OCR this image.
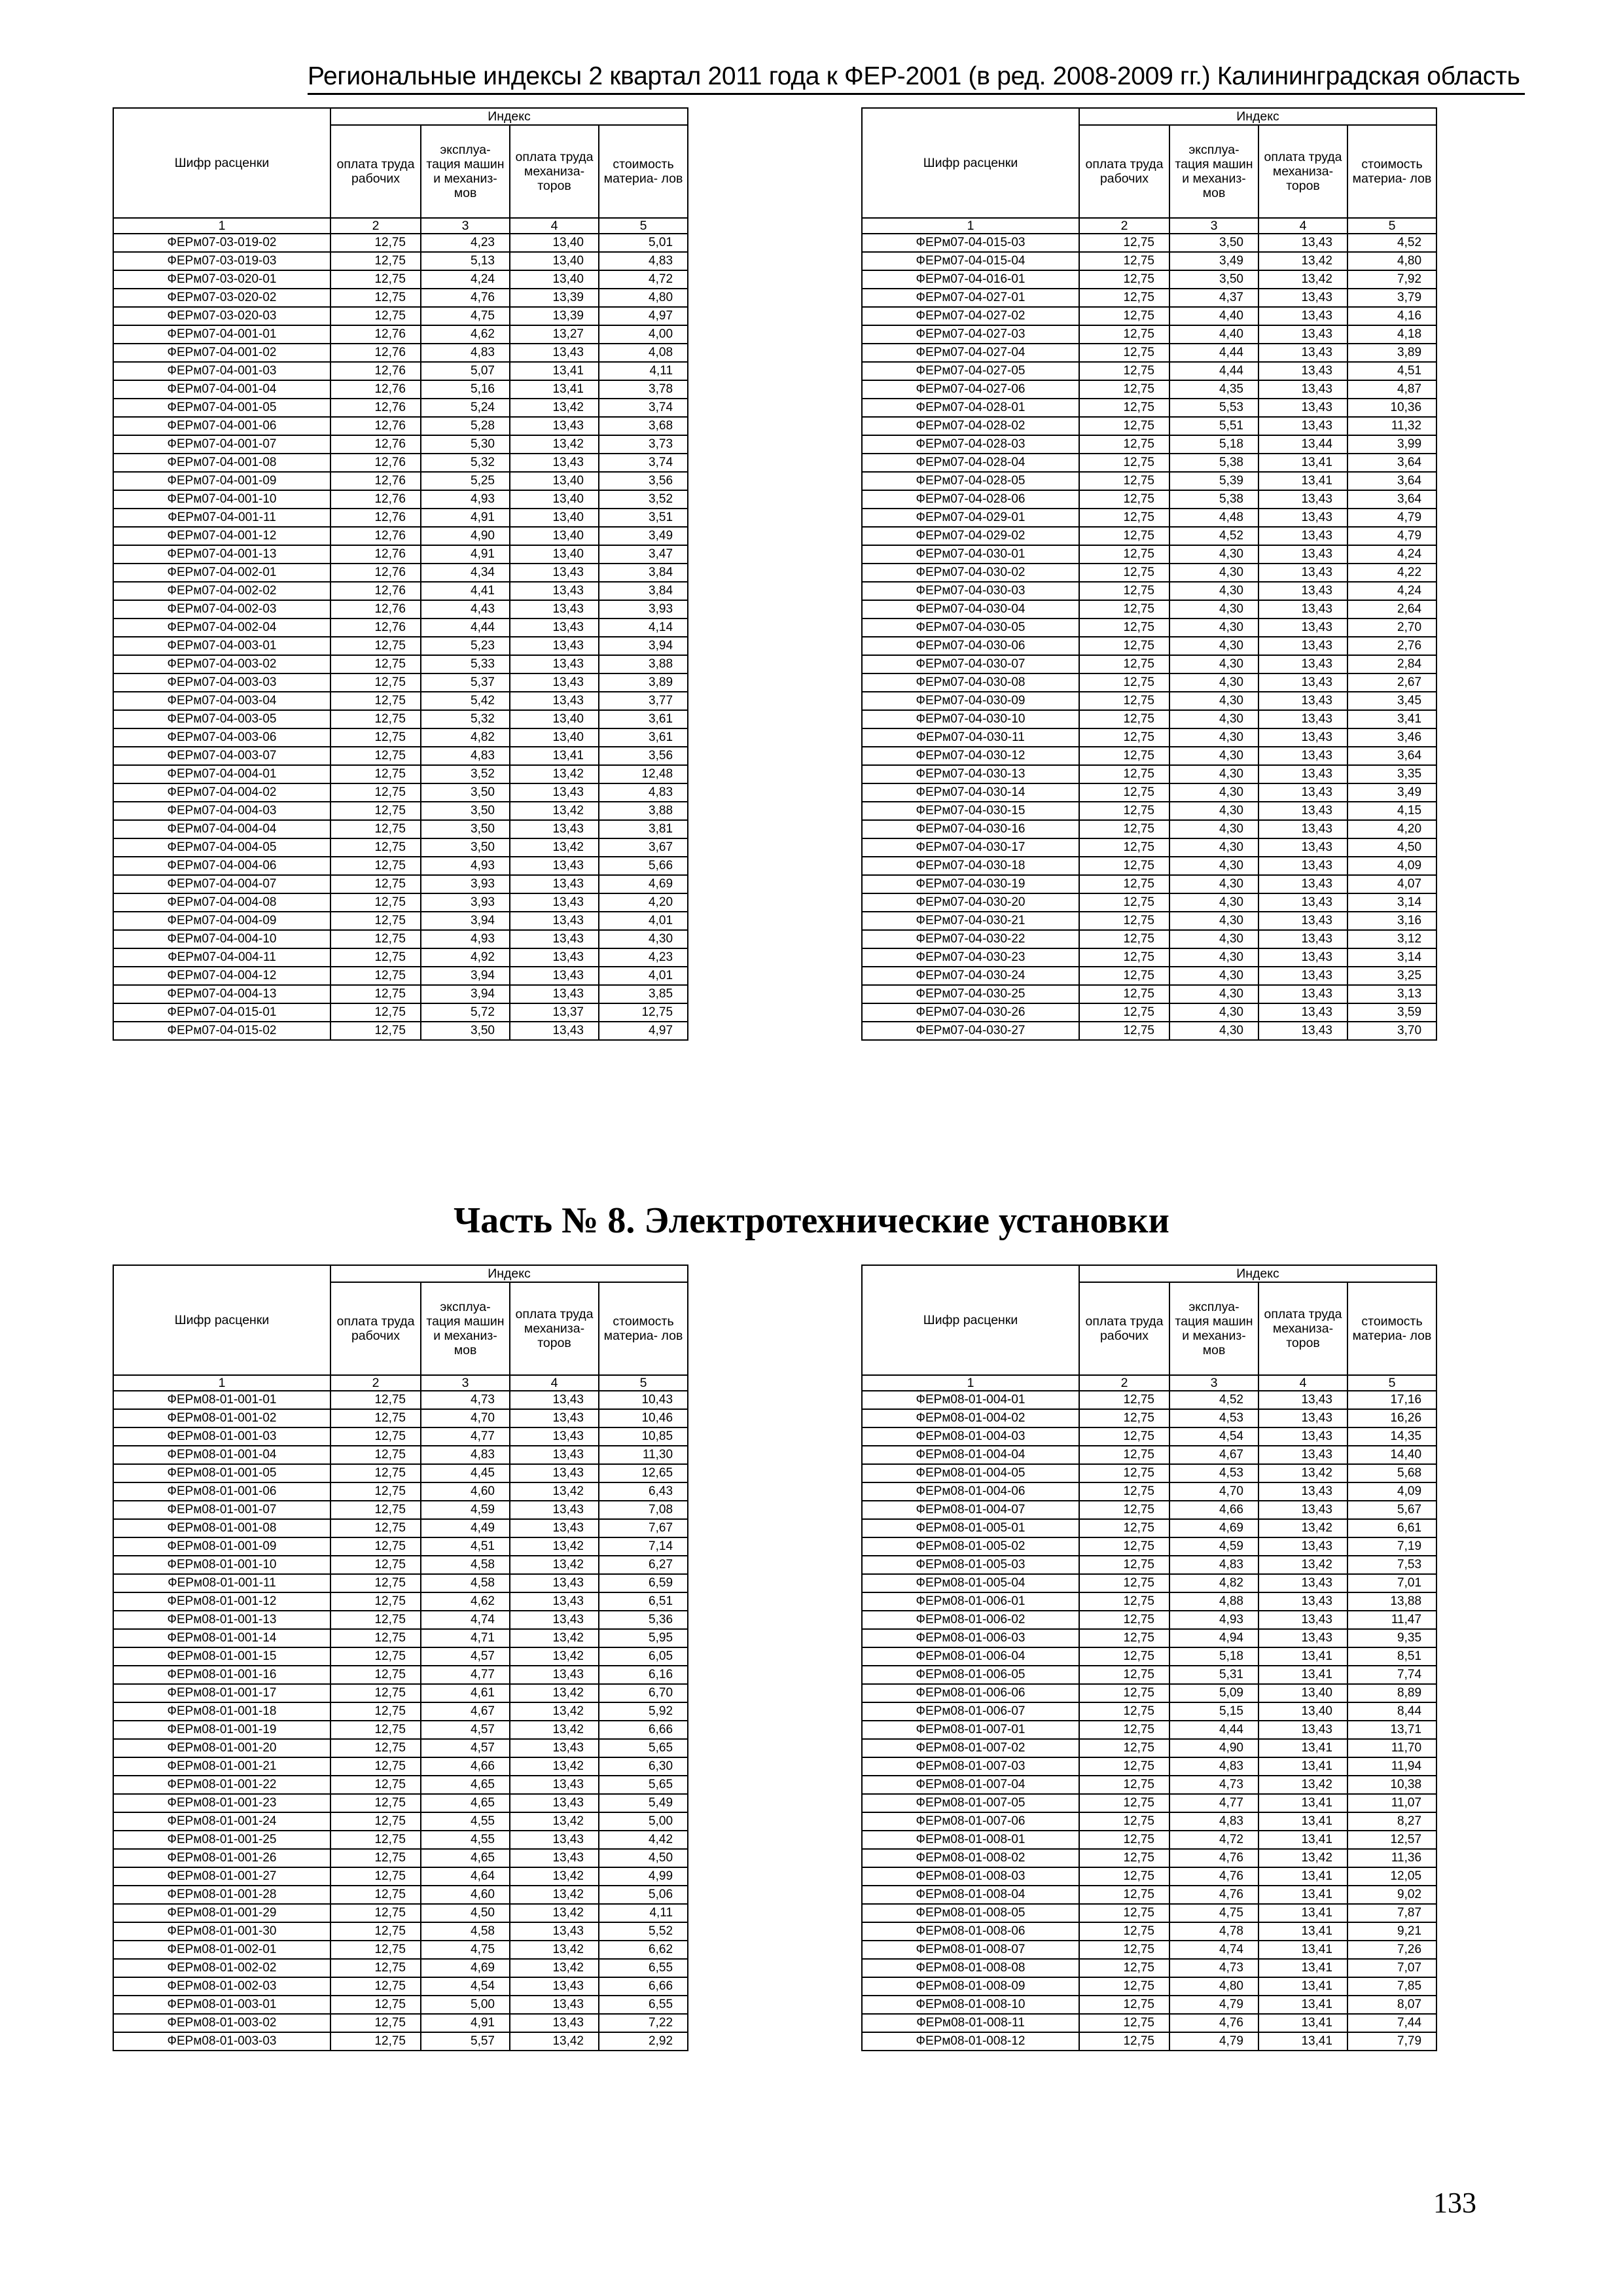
Региональные индексы 2 квартал 2011 года к ФЕР-2001 (в ред. 2008-2009 гг.) Калининградская область
Часть № 8. Электротехнические установки
133
Шифр расценки	Индекс			
	оплата труда рабочих	эксплуа- тация машин и механиз- мов	оплата труда механиза- торов	стоимость материа- лов
1	2	3	4	5
ФЕРм07-03-019-02	12,75	4,23	13,40	5,01
ФЕРм07-03-019-03	12,75	5,13	13,40	4,83
ФЕРм07-03-020-01	12,75	4,24	13,40	4,72
ФЕРм07-03-020-02	12,75	4,76	13,39	4,80
ФЕРм07-03-020-03	12,75	4,75	13,39	4,97
ФЕРм07-04-001-01	12,76	4,62	13,27	4,00
ФЕРм07-04-001-02	12,76	4,83	13,43	4,08
ФЕРм07-04-001-03	12,76	5,07	13,41	4,11
ФЕРм07-04-001-04	12,76	5,16	13,41	3,78
ФЕРм07-04-001-05	12,76	5,24	13,42	3,74
ФЕРм07-04-001-06	12,76	5,28	13,43	3,68
ФЕРм07-04-001-07	12,76	5,30	13,42	3,73
ФЕРм07-04-001-08	12,76	5,32	13,43	3,74
ФЕРм07-04-001-09	12,76	5,25	13,40	3,56
ФЕРм07-04-001-10	12,76	4,93	13,40	3,52
ФЕРм07-04-001-11	12,76	4,91	13,40	3,51
ФЕРм07-04-001-12	12,76	4,90	13,40	3,49
ФЕРм07-04-001-13	12,76	4,91	13,40	3,47
ФЕРм07-04-002-01	12,76	4,34	13,43	3,84
ФЕРм07-04-002-02	12,76	4,41	13,43	3,84
ФЕРм07-04-002-03	12,76	4,43	13,43	3,93
ФЕРм07-04-002-04	12,76	4,44	13,43	4,14
ФЕРм07-04-003-01	12,75	5,23	13,43	3,94
ФЕРм07-04-003-02	12,75	5,33	13,43	3,88
ФЕРм07-04-003-03	12,75	5,37	13,43	3,89
ФЕРм07-04-003-04	12,75	5,42	13,43	3,77
ФЕРм07-04-003-05	12,75	5,32	13,40	3,61
ФЕРм07-04-003-06	12,75	4,82	13,40	3,61
ФЕРм07-04-003-07	12,75	4,83	13,41	3,56
ФЕРм07-04-004-01	12,75	3,52	13,42	12,48
ФЕРм07-04-004-02	12,75	3,50	13,43	4,83
ФЕРм07-04-004-03	12,75	3,50	13,42	3,88
ФЕРм07-04-004-04	12,75	3,50	13,43	3,81
ФЕРм07-04-004-05	12,75	3,50	13,42	3,67
ФЕРм07-04-004-06	12,75	4,93	13,43	5,66
ФЕРм07-04-004-07	12,75	3,93	13,43	4,69
ФЕРм07-04-004-08	12,75	3,93	13,43	4,20
ФЕРм07-04-004-09	12,75	3,94	13,43	4,01
ФЕРм07-04-004-10	12,75	4,93	13,43	4,30
ФЕРм07-04-004-11	12,75	4,92	13,43	4,23
ФЕРм07-04-004-12	12,75	3,94	13,43	4,01
ФЕРм07-04-004-13	12,75	3,94	13,43	3,85
ФЕРм07-04-015-01	12,75	5,72	13,37	12,75
ФЕРм07-04-015-02	12,75	3,50	13,43	4,97
Шифр расценки	Индекс			
	оплата труда рабочих	эксплуа- тация машин и механиз- мов	оплата труда механиза- торов	стоимость материа- лов
1	2	3	4	5
ФЕРм07-04-015-03	12,75	3,50	13,43	4,52
ФЕРм07-04-015-04	12,75	3,49	13,42	4,80
ФЕРм07-04-016-01	12,75	3,50	13,42	7,92
ФЕРм07-04-027-01	12,75	4,37	13,43	3,79
ФЕРм07-04-027-02	12,75	4,40	13,43	4,16
ФЕРм07-04-027-03	12,75	4,40	13,43	4,18
ФЕРм07-04-027-04	12,75	4,44	13,43	3,89
ФЕРм07-04-027-05	12,75	4,44	13,43	4,51
ФЕРм07-04-027-06	12,75	4,35	13,43	4,87
ФЕРм07-04-028-01	12,75	5,53	13,43	10,36
ФЕРм07-04-028-02	12,75	5,51	13,43	11,32
ФЕРм07-04-028-03	12,75	5,18	13,44	3,99
ФЕРм07-04-028-04	12,75	5,38	13,41	3,64
ФЕРм07-04-028-05	12,75	5,39	13,41	3,64
ФЕРм07-04-028-06	12,75	5,38	13,43	3,64
ФЕРм07-04-029-01	12,75	4,48	13,43	4,79
ФЕРм07-04-029-02	12,75	4,52	13,43	4,79
ФЕРм07-04-030-01	12,75	4,30	13,43	4,24
ФЕРм07-04-030-02	12,75	4,30	13,43	4,22
ФЕРм07-04-030-03	12,75	4,30	13,43	4,24
ФЕРм07-04-030-04	12,75	4,30	13,43	2,64
ФЕРм07-04-030-05	12,75	4,30	13,43	2,70
ФЕРм07-04-030-06	12,75	4,30	13,43	2,76
ФЕРм07-04-030-07	12,75	4,30	13,43	2,84
ФЕРм07-04-030-08	12,75	4,30	13,43	2,67
ФЕРм07-04-030-09	12,75	4,30	13,43	3,45
ФЕРм07-04-030-10	12,75	4,30	13,43	3,41
ФЕРм07-04-030-11	12,75	4,30	13,43	3,46
ФЕРм07-04-030-12	12,75	4,30	13,43	3,64
ФЕРм07-04-030-13	12,75	4,30	13,43	3,35
ФЕРм07-04-030-14	12,75	4,30	13,43	3,49
ФЕРм07-04-030-15	12,75	4,30	13,43	4,15
ФЕРм07-04-030-16	12,75	4,30	13,43	4,20
ФЕРм07-04-030-17	12,75	4,30	13,43	4,50
ФЕРм07-04-030-18	12,75	4,30	13,43	4,09
ФЕРм07-04-030-19	12,75	4,30	13,43	4,07
ФЕРм07-04-030-20	12,75	4,30	13,43	3,14
ФЕРм07-04-030-21	12,75	4,30	13,43	3,16
ФЕРм07-04-030-22	12,75	4,30	13,43	3,12
ФЕРм07-04-030-23	12,75	4,30	13,43	3,14
ФЕРм07-04-030-24	12,75	4,30	13,43	3,25
ФЕРм07-04-030-25	12,75	4,30	13,43	3,13
ФЕРм07-04-030-26	12,75	4,30	13,43	3,59
ФЕРм07-04-030-27	12,75	4,30	13,43	3,70
Шифр расценки	Индекс			
	оплата труда рабочих	эксплуа- тация машин и механиз- мов	оплата труда механиза- торов	стоимость материа- лов
1	2	3	4	5
ФЕРм08-01-001-01	12,75	4,73	13,43	10,43
ФЕРм08-01-001-02	12,75	4,70	13,43	10,46
ФЕРм08-01-001-03	12,75	4,77	13,43	10,85
ФЕРм08-01-001-04	12,75	4,83	13,43	11,30
ФЕРм08-01-001-05	12,75	4,45	13,43	12,65
ФЕРм08-01-001-06	12,75	4,60	13,42	6,43
ФЕРм08-01-001-07	12,75	4,59	13,43	7,08
ФЕРм08-01-001-08	12,75	4,49	13,43	7,67
ФЕРм08-01-001-09	12,75	4,51	13,42	7,14
ФЕРм08-01-001-10	12,75	4,58	13,42	6,27
ФЕРм08-01-001-11	12,75	4,58	13,43	6,59
ФЕРм08-01-001-12	12,75	4,62	13,43	6,51
ФЕРм08-01-001-13	12,75	4,74	13,43	5,36
ФЕРм08-01-001-14	12,75	4,71	13,42	5,95
ФЕРм08-01-001-15	12,75	4,57	13,42	6,05
ФЕРм08-01-001-16	12,75	4,77	13,43	6,16
ФЕРм08-01-001-17	12,75	4,61	13,42	6,70
ФЕРм08-01-001-18	12,75	4,67	13,42	5,92
ФЕРм08-01-001-19	12,75	4,57	13,42	6,66
ФЕРм08-01-001-20	12,75	4,57	13,43	5,65
ФЕРм08-01-001-21	12,75	4,66	13,42	6,30
ФЕРм08-01-001-22	12,75	4,65	13,43	5,65
ФЕРм08-01-001-23	12,75	4,65	13,43	5,49
ФЕРм08-01-001-24	12,75	4,55	13,42	5,00
ФЕРм08-01-001-25	12,75	4,55	13,43	4,42
ФЕРм08-01-001-26	12,75	4,65	13,43	4,50
ФЕРм08-01-001-27	12,75	4,64	13,42	4,99
ФЕРм08-01-001-28	12,75	4,60	13,42	5,06
ФЕРм08-01-001-29	12,75	4,50	13,42	4,11
ФЕРм08-01-001-30	12,75	4,58	13,43	5,52
ФЕРм08-01-002-01	12,75	4,75	13,42	6,62
ФЕРм08-01-002-02	12,75	4,69	13,42	6,55
ФЕРм08-01-002-03	12,75	4,54	13,43	6,66
ФЕРм08-01-003-01	12,75	5,00	13,43	6,55
ФЕРм08-01-003-02	12,75	4,91	13,43	7,22
ФЕРм08-01-003-03	12,75	5,57	13,42	2,92
Шифр расценки	Индекс			
	оплата труда рабочих	эксплуа- тация машин и механиз- мов	оплата труда механиза- торов	стоимость материа- лов
1	2	3	4	5
ФЕРм08-01-004-01	12,75	4,52	13,43	17,16
ФЕРм08-01-004-02	12,75	4,53	13,43	16,26
ФЕРм08-01-004-03	12,75	4,54	13,43	14,35
ФЕРм08-01-004-04	12,75	4,67	13,43	14,40
ФЕРм08-01-004-05	12,75	4,53	13,42	5,68
ФЕРм08-01-004-06	12,75	4,70	13,43	4,09
ФЕРм08-01-004-07	12,75	4,66	13,43	5,67
ФЕРм08-01-005-01	12,75	4,69	13,42	6,61
ФЕРм08-01-005-02	12,75	4,59	13,43	7,19
ФЕРм08-01-005-03	12,75	4,83	13,42	7,53
ФЕРм08-01-005-04	12,75	4,82	13,43	7,01
ФЕРм08-01-006-01	12,75	4,88	13,43	13,88
ФЕРм08-01-006-02	12,75	4,93	13,43	11,47
ФЕРм08-01-006-03	12,75	4,94	13,43	9,35
ФЕРм08-01-006-04	12,75	5,18	13,41	8,51
ФЕРм08-01-006-05	12,75	5,31	13,41	7,74
ФЕРм08-01-006-06	12,75	5,09	13,40	8,89
ФЕРм08-01-006-07	12,75	5,15	13,40	8,44
ФЕРм08-01-007-01	12,75	4,44	13,43	13,71
ФЕРм08-01-007-02	12,75	4,90	13,41	11,70
ФЕРм08-01-007-03	12,75	4,83	13,41	11,94
ФЕРм08-01-007-04	12,75	4,73	13,42	10,38
ФЕРм08-01-007-05	12,75	4,77	13,41	11,07
ФЕРм08-01-007-06	12,75	4,83	13,41	8,27
ФЕРм08-01-008-01	12,75	4,72	13,41	12,57
ФЕРм08-01-008-02	12,75	4,76	13,42	11,36
ФЕРм08-01-008-03	12,75	4,76	13,41	12,05
ФЕРм08-01-008-04	12,75	4,76	13,41	9,02
ФЕРм08-01-008-05	12,75	4,75	13,41	7,87
ФЕРм08-01-008-06	12,75	4,78	13,41	9,21
ФЕРм08-01-008-07	12,75	4,74	13,41	7,26
ФЕРм08-01-008-08	12,75	4,73	13,41	7,07
ФЕРм08-01-008-09	12,75	4,80	13,41	7,85
ФЕРм08-01-008-10	12,75	4,79	13,41	8,07
ФЕРм08-01-008-11	12,75	4,76	13,41	7,44
ФЕРм08-01-008-12	12,75	4,79	13,41	7,79
